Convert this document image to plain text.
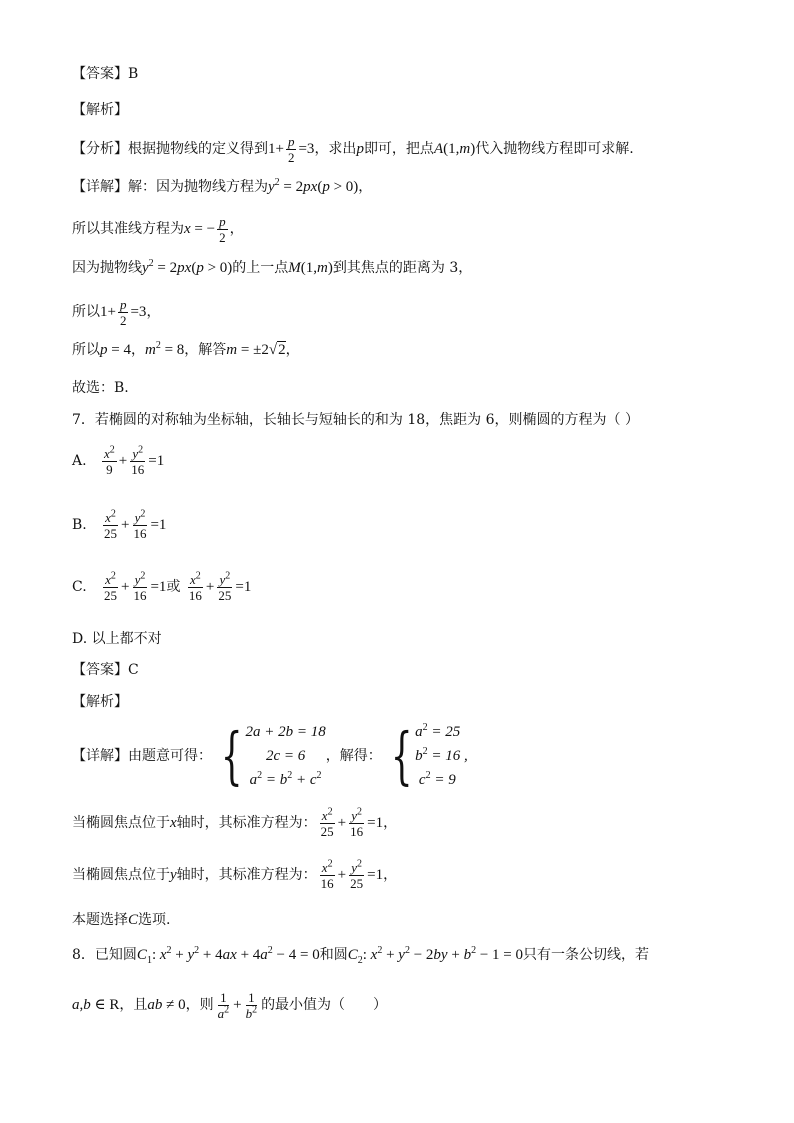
【答案】B
【解析】
【分析】根据抛物线的定义得到$1+ \frac{p}{2} =3$，求出p即可，把点A(1,m)代入抛物线方程即可求解.
【详解】解：因为抛物线方程为$y^2 = 2px(p > 0)$，
所以其准线方程为x = − $\frac{p}{2}$ ，
因为抛物线$y^2 = 2px(p > 0)$的上一点M(1,m)到其焦点的距离为 3，
所以$1+ \frac{p}{2} =3$，
所以p = 4，$m^2 = 8$，解答m = ±2√2，
故选：B.
7．若椭圆的对称轴为坐标轴，长轴长与短轴长的和为 18，焦距为 6，则椭圆的方程为（ ）
A. $\frac{x^2}{9} + \frac{y^2}{16} =1$
B. $\frac{x^2}{25} + \frac{y^2}{16} =1$
C. $\frac{x^2}{25} + \frac{y^2}{16} =1$或 $\frac{x^2}{16} + \frac{y^2}{25} =1$
D. 以上都不对
【答案】C
【解析】
【详解】由题意可得： { 2a + 2b = 18
2c = 6
$a^2 = b^2 + c^2$
，解得： { $a^2 = 25$
$b^2 = 16$ ,
$c^2 = 9$
当椭圆焦点位于x轴时，其标准方程为： $\frac{x^2}{25} + \frac{y^2}{16} =1$，
当椭圆焦点位于y轴时，其标准方程为： $\frac{x^2}{16} + \frac{y^2}{25} =1$，
本题选择C选项.
8．已知圆$C_1$: $x^2 + y^2 + 4ax + 4a^2 - 4 = 0$和圆$C_2$: $x^2 + y^2 - 2by + b^2 - 1 = 0$只有一条公切线，若
a,b ∈ R，且ab ≠ 0，则 $\frac{1}{a^2} + \frac{1}{b^2}$ 的最小值为（　　）
